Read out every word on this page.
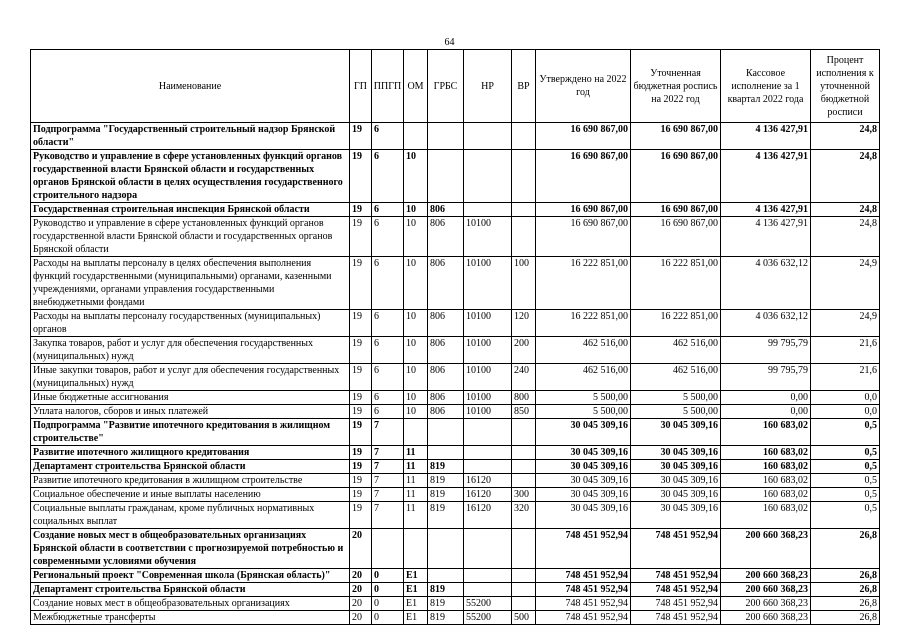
64
Наименование	ГП	ППГП	ОМ	ГРБС	НР	ВР	Утверждено на 2022 год	Уточненная бюджетная роспись на 2022 год	Кассовое исполнение за 1 квартал 2022 года	Процент исполнения к уточненной бюджетной росписи
Подпрограмма "Государственный строительный надзор Брянской области"	19	6					16 690 867,00	16 690 867,00	4 136 427,91	24,8
Руководство и управление в сфере установленных функций органов государственной власти Брянской области и государственных органов Брянской области в целях осуществления государственного строительного надзора	19	6	10				16 690 867,00	16 690 867,00	4 136 427,91	24,8
Государственная строительная инспекция Брянской области	19	6	10	806			16 690 867,00	16 690 867,00	4 136 427,91	24,8
Руководство и управление в сфере установленных функций органов государственной власти Брянской области и государственных органов Брянской области	19	6	10	806	10100		16 690 867,00	16 690 867,00	4 136 427,91	24,8
Расходы на выплаты персоналу в целях обеспечения выполнения функций государственными (муниципальными) органами, казенными учреждениями, органами управления государственными внебюджетными фондами	19	6	10	806	10100	100	16 222 851,00	16 222 851,00	4 036 632,12	24,9
Расходы на выплаты персоналу государственных (муниципальных) органов	19	6	10	806	10100	120	16 222 851,00	16 222 851,00	4 036 632,12	24,9
Закупка товаров, работ и услуг для обеспечения государственных (муниципальных) нужд	19	6	10	806	10100	200	462 516,00	462 516,00	99 795,79	21,6
Иные закупки товаров, работ и услуг для обеспечения государственных (муниципальных) нужд	19	6	10	806	10100	240	462 516,00	462 516,00	99 795,79	21,6
Иные бюджетные ассигнования	19	6	10	806	10100	800	5 500,00	5 500,00	0,00	0,0
Уплата налогов, сборов и иных платежей	19	6	10	806	10100	850	5 500,00	5 500,00	0,00	0,0
Подпрограмма "Развитие ипотечного кредитования в жилищном строительстве"	19	7					30 045 309,16	30 045 309,16	160 683,02	0,5
Развитие ипотечного жилищного кредитования	19	7	11				30 045 309,16	30 045 309,16	160 683,02	0,5
Департамент строительства Брянской области	19	7	11	819			30 045 309,16	30 045 309,16	160 683,02	0,5
Развитие ипотечного кредитования в жилищном строительстве	19	7	11	819	16120		30 045 309,16	30 045 309,16	160 683,02	0,5
Социальное обеспечение и иные выплаты населению	19	7	11	819	16120	300	30 045 309,16	30 045 309,16	160 683,02	0,5
Социальные выплаты гражданам, кроме публичных нормативных социальных выплат	19	7	11	819	16120	320	30 045 309,16	30 045 309,16	160 683,02	0,5
Создание новых мест в общеобразовательных организациях Брянской области в соответствии с прогнозируемой потребностью и современными условиями обучения	20						748 451 952,94	748 451 952,94	200 660 368,23	26,8
Региональный проект "Современная школа (Брянская область)"	20	0	E1				748 451 952,94	748 451 952,94	200 660 368,23	26,8
Департамент строительства Брянской области	20	0	E1	819			748 451 952,94	748 451 952,94	200 660 368,23	26,8
Создание новых мест в общеобразовательных организациях	20	0	E1	819	55200		748 451 952,94	748 451 952,94	200 660 368,23	26,8
Межбюджетные трансферты	20	0	E1	819	55200	500	748 451 952,94	748 451 952,94	200 660 368,23	26,8
